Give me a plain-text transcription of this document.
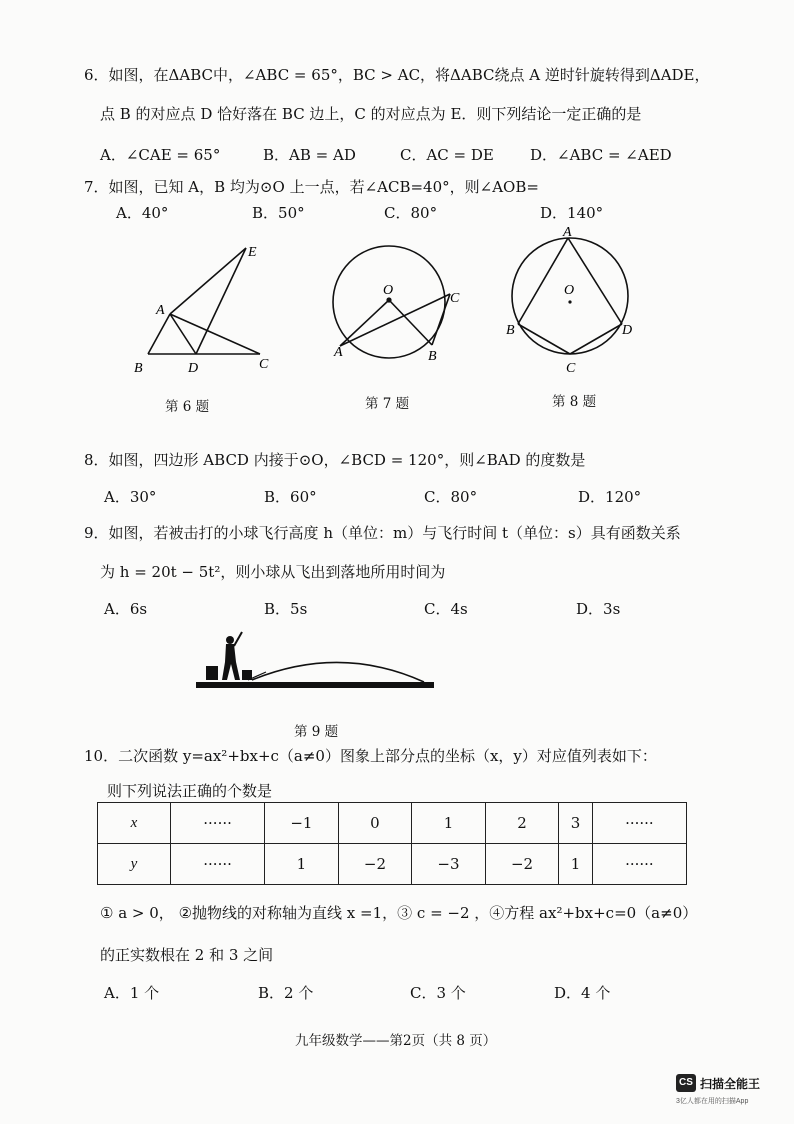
6．如图，在ΔABC中，∠ABC = 65°，BC > AC，将ΔABC绕点 A 逆时针旋转得到ΔADE，
点 B 的对应点 D 恰好落在 BC 边上，C 的对应点为 E．则下列结论一定正确的是
A．∠CAE = 65°	B．AB = AD	C．AC = DE D．∠ABC = ∠AED
7．如图，已知 A，B 均为⊙O 上一点，若∠ACB=40°，则∠AOB=
A．40°	B．50°	C．80°	D．140°
A
B	C
D
E
第 6 题
O
A	B
C
第 7 题
A
B
C
D
O
第 8 题
8．如图，四边形 ABCD 内接于⊙O，∠BCD = 120°，则∠BAD 的度数是
A．30°	B．60°	C．80°	D．120°
9．如图，若被击打的小球飞行高度 h（单位：m）与飞行时间 t（单位：s）具有函数关系
为 h = 20t − 5t²，则小球从飞出到落地所用时间为
A．6s	B．5s	C．4s	D．3s
第 9 题
10．二次函数 y=ax²+bx+c（a≠0）图象上部分点的坐标（x，y）对应值列表如下：
则下列说法正确的个数是
x	······	−1	0	1	2	3	······
y	······	1	−2	−3	−2	1	······
① a > 0， ②抛物线的对称轴为直线 x =1，③ c = −2 ，④方程 ax²+bx+c=0（a≠0）
的正实数根在 2 和 3 之间
A．1 个	B．2 个	C．3 个	D．4 个
九年级数学——第2页（共 8 页）
CS 扫描全能王
3亿人都在用的扫描App
